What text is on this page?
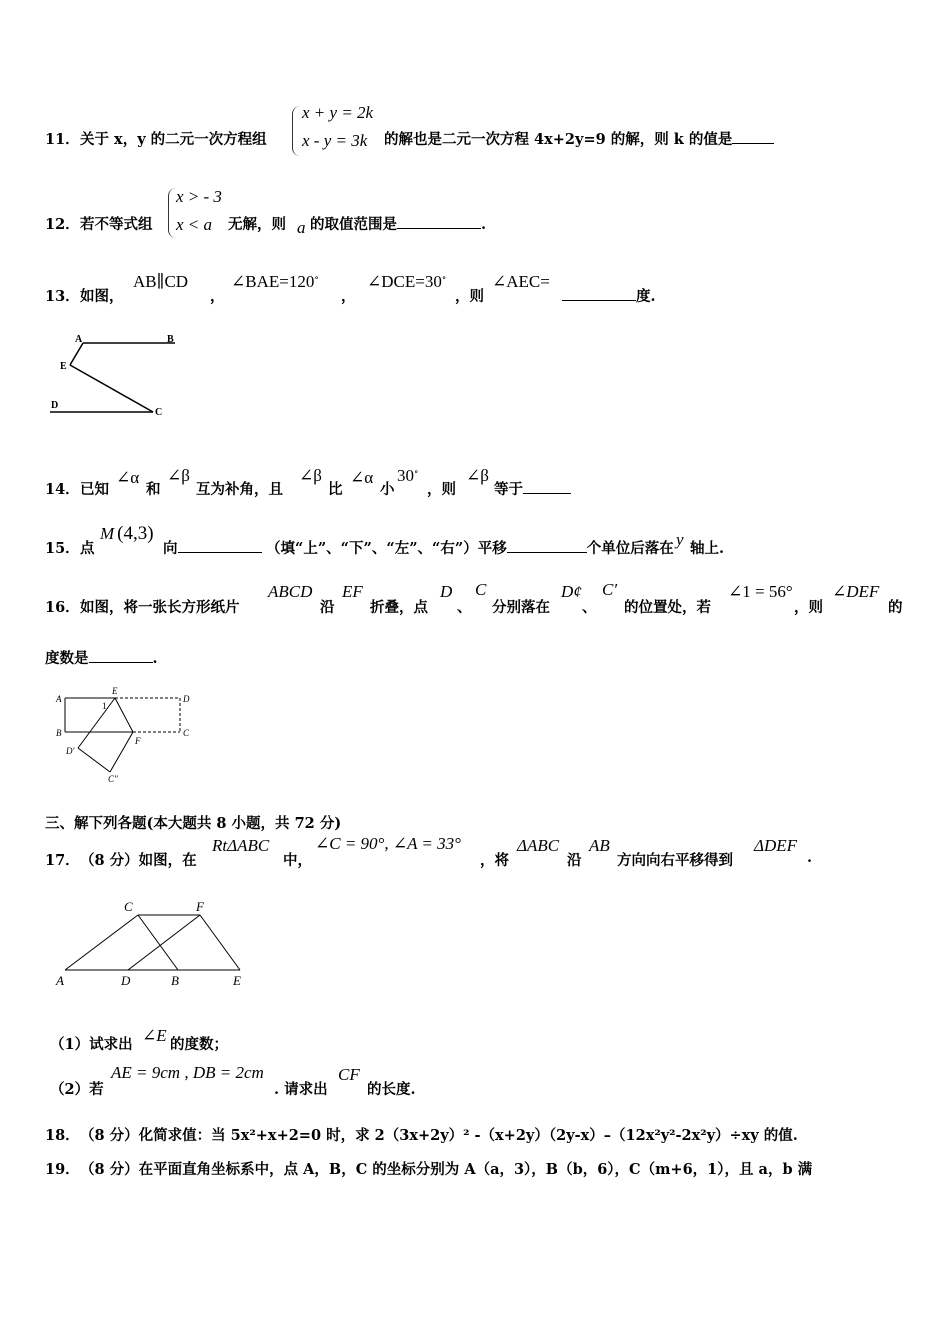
11． 关于 x，y 的二元一次方程组
x + y = 2k
x - y = 3k 的解也是二元一次方程 4x+2y=9 的解，则 k 的值是
12． 若不等式组
x > - 3
x < a 无解，则 a 的取值范围是	.
13． 如图，
AB∥CD
，
∠BAE=120∘
，
∠DCE=30∘
，则
∠AEC=
度.
A	B
E
D
C
14． 已知
∠α
和
∠β
互为补角，且
∠β
比
∠α
小
30∘
，则
∠β
等于
15． 点
M (4,3)
向	（填“上”、“下”、“左”、“右”）平移	个单位后落在 y 轴上.
16． 如图，将一张长方形纸片
ABCD
沿
EF
折叠，点
D
、
C
分别落在
D¢
、
C′
的位置处，若
∠1 = 56°
，则
∠DEF
的
度数是	.
A
E
D
B
F
C
D′
C″
1
三、解下列各题(本大题共 8 小题，共 72 分)
17． （8 分）如图，在
RtΔABC
中，
∠C = 90°, ∠A = 33°
，将
ΔABC
沿
AB
方向向右平移得到
ΔDEF
.
A	D	B	E
C	F
（1）试求出 ∠E 的度数；
（2）若
AE = 9cm , DB = 2cm
. 请求出
CF
的长度.
18． （8 分）化简求值：当 5x²+x+2=0 时，求 2（3x+2y）² -（x+2y）（2y-x）–（12x²y²-2x²y）÷xy 的值.
19． （8 分）在平面直角坐标系中，点 A，B，C 的坐标分别为 A（a，3），B（b，6），C（m+6，1），且 a，b 满
